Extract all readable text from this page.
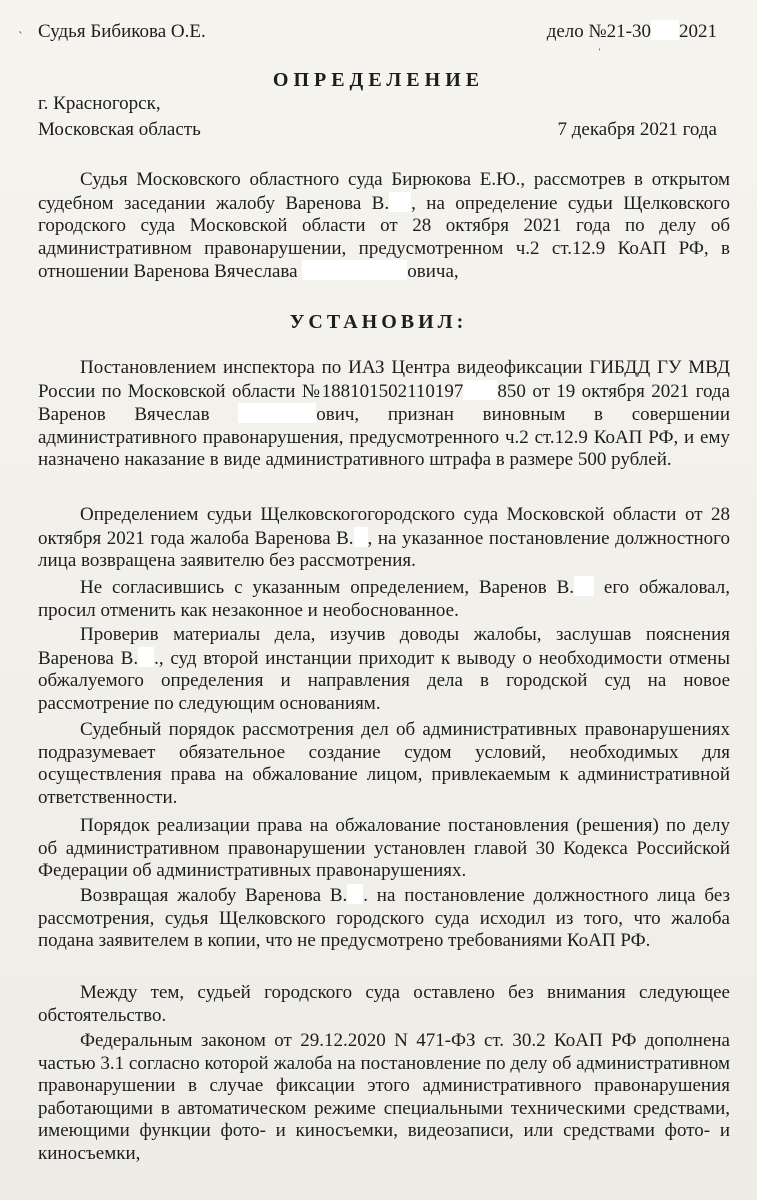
Судья Бибикова О.Е.	дело №21-30 2021
ОПРЕДЕЛЕНИЕ
г. Красногорск,
Московская область	7 декабря 2021 года

Судья Московского областного суда Бирюкова Е.Ю., рассмотрев в открытом судебном заседании жалобу Варенова В. , на определение судьи Щелковского городского суда Московской области от 28 октября 2021 года по делу об административном правонарушении, предусмотренном ч.2 ст.12.9 КоАП РФ, в отношении Варенова Вячеслава	овича,

УСТАНОВИЛ:

Постановлением инспектора по ИАЗ Центра видеофиксации ГИБДД ГУ МВД России по Московской области №188101502110197 850 от 19 октября 2021 года Варенов Вячеслав	ович, признан виновным в совершении административного правонарушения, предусмотренного ч.2 ст.12.9 КоАП РФ, и ему назначено наказание в виде административного штрафа в размере 500 рублей.

Определением судьи Щелковскогогородского суда Московской области от 28 октября 2021 года жалоба Варенова В. , на указанное постановление должностного лица возвращена заявителю без рассмотрения.

Не согласившись с указанным определением, Варенов В. его обжаловал, просил отменить как незаконное и необоснованное.

Проверив материалы дела, изучив доводы жалобы, заслушав пояснения Варенова В. ., суд второй инстанции приходит к выводу о необходимости отмены обжалуемого определения и направления дела в городской суд на новое рассмотрение по следующим основаниям.

Судебный порядок рассмотрения дел об административных правонарушениях подразумевает обязательное создание судом условий, необходимых для осуществления права на обжалование лицом, привлекаемым к административной ответственности.

Порядок реализации права на обжалование постановления (решения) по делу об административном правонарушении установлен главой 30 Кодекса Российской Федерации об административных правонарушениях.

Возвращая жалобу Варенова В. . на постановление должностного лица без рассмотрения, судья Щелковского городского суда исходил из того, что жалоба подана заявителем в копии, что не предусмотрено требованиями КоАП РФ.

Между тем, судьей городского суда оставлено без внимания следующее обстоятельство.

Федеральным законом от 29.12.2020 N 471-ФЗ ст. 30.2 КоАП РФ дополнена частью 3.1 согласно которой жалоба на постановление по делу об административном правонарушении в случае фиксации этого административного правонарушения работающими в автоматическом режиме специальными техническими средствами, имеющими функции фото- и киносъемки, видеозаписи, или средствами фото- и киносъемки,

ˈ
ˋ
